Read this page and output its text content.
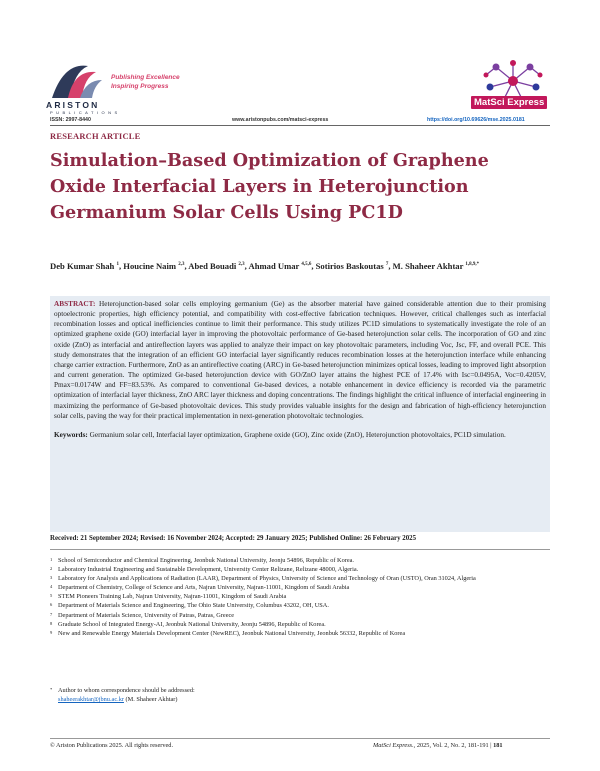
ARISTON
P U B L I C A T I O N S
Publishing Excellence
Inspiring Progress
MatSci Express
ISSN: 2997-8440	www.aristonpubs.com/matsci-express	https://doi.org/10.69626/mse.2025.0181
RESEARCH ARTICLE
Simulation–Based Optimization of Graphene Oxide Interfacial Layers in Heterojunction Germanium Solar Cells Using PC1D
Deb Kumar Shah $^1$, Houcine Naim $^{2,3}$, Abed Bouadi $^{2,3}$, Ahmad Umar $^{4,5,6}$, Sotirios Baskoutas $^7$, M. Shaheer Akhtar $^{1,8,9,*}$

ABSTRACT: Heterojunction-based solar cells employing germanium (Ge) as the absorber material have gained considerable attention due to their promising optoelectronic properties, high efficiency potential, and compatibility with cost-effective fabrication techniques. However, critical challenges such as interfacial recombination losses and optical inefficiencies continue to limit their performance. This study utilizes PC1D simulations to systematically investigate the role of an optimized graphene oxide (GO) interfacial layer in improving the photovoltaic performance of Ge-based heterojunction solar cells. The incorporation of GO and zinc oxide (ZnO) as interfacial and antireflection layers was applied to analyze their impact on key photovoltaic parameters, including Voc, Jsc, FF, and overall PCE. This study demonstrates that the integration of an efficient GO interfacial layer significantly reduces recombination losses at the heterojunction interface while enhancing charge carrier extraction. Furthermore, ZnO as an antireflective coating (ARC) in Ge-based heterojunction minimizes optical losses, leading to improved light absorption and current generation. The optimized Ge-based heterojunction device with GO/ZnO layer attains the highest PCE of 17.4% with Isc=0.0495A, Voc=0.4205V, Pmax=0.0174W and FF=83.53%. As compared to conventional Ge-based devices, a notable enhancement in device efficiency is recorded via the parametric optimization of interfacial layer thickness, ZnO ARC layer thickness and doping concentrations. The findings highlight the critical influence of interfacial engineering in maximizing the performance of Ge-based photovoltaic devices. This study provides valuable insights for the design and fabrication of high-efficiency heterojunction solar cells, paving the way for their practical implementation in next-generation photovoltaic technologies.

Keywords: Germanium solar cell, Interfacial layer optimization, Graphene oxide (GO), Zinc oxide (ZnO), Heterojunction photovoltaics, PC1D simulation.

Received: 21 September 2024; Revised: 16 November 2024; Accepted: 29 January 2025; Published Online: 26 February 2025
1 School of Semiconductor and Chemical Engineering, Jeonbuk National University, Jeonju 54896, Republic of Korea.
2 Laboratory Industrial Engineering and Sustainable Development, University Center Relizane, Relizane 48000, Algeria.
3 Laboratory for Analysis and Applications of Radiation (LAAR), Department of Physics, University of Science and Technology of Oran (USTO), Oran 31024, Algeria
4 Department of Chemistry, College of Science and Arts, Najran University, Najran-11001, Kingdom of Saudi Arabia
5 STEM Pioneers Training Lab, Najran University, Najran-11001, Kingdom of Saudi Arabia
6 Department of Materials Science and Engineering, The Ohio State University, Columbus 43202, OH, USA.
7 Department of Materials Science, University of Patras, Patras, Greece
8 Graduate School of Integrated Energy-AI, Jeonbuk National University, Jeonju 54896, Republic of Korea.
9 New and Renewable Energy Materials Development Center (NewREC), Jeonbuk National University, Jeonbuk 56332, Republic of Korea
* Author to whom correspondence should be addressed:
shaheerakhtar@jbnu.ac.kr (M. Shaheer Akhtar)
© Ariston Publications 2025. All rights reserved.	MatSci Express., 2025, Vol. 2, No. 2, 181-191 | 181
